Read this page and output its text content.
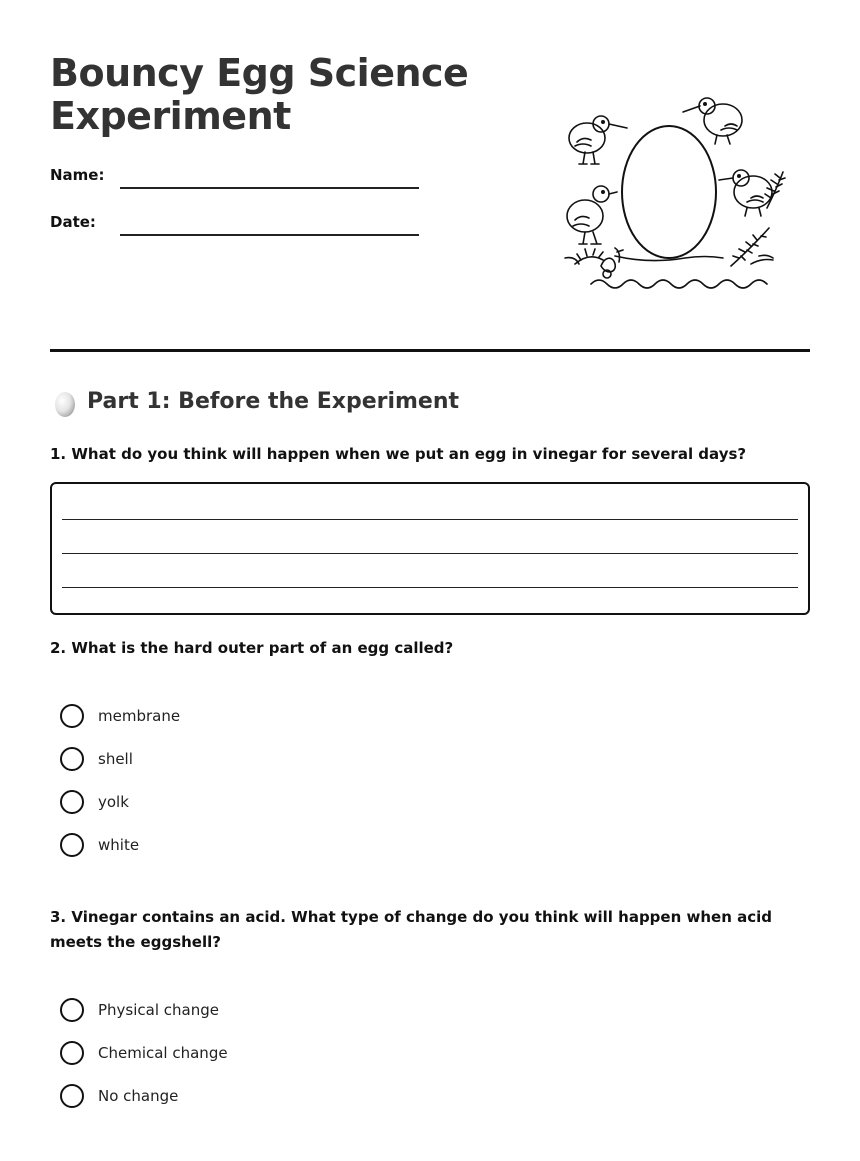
Bouncy Egg Science Experiment
Name:
Date:
Part 1: Before the Experiment
1. What do you think will happen when we put an egg in vinegar for several days?
2. What is the hard outer part of an egg called?
membrane
shell
yolk
white
3. Vinegar contains an acid. What type of change do you think will happen when acid meets the eggshell?
Physical change
Chemical change
No change
